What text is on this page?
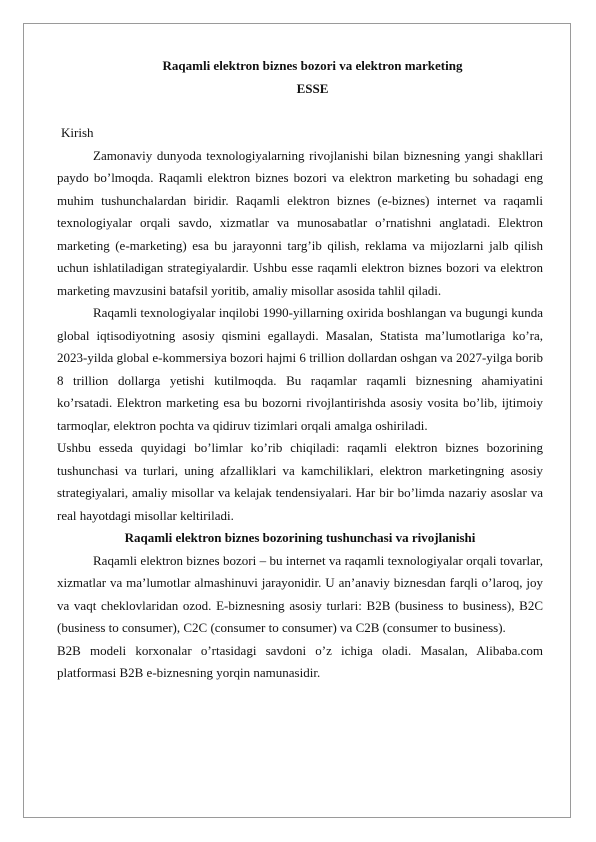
Raqamli elektron biznes bozori va elektron marketing

ESSE

Kirish

Zamonaviy dunyoda texnologiyalarning rivojlanishi bilan biznesning yangi shakllari paydo bo’lmoqda. Raqamli elektron biznes bozori va elektron marketing bu sohadagi eng muhim tushunchalardan biridir. Raqamli elektron biznes (e-biznes) internet va raqamli texnologiyalar orqali savdo, xizmatlar va munosabatlar o’rnatishni anglatadi. Elektron marketing (e-marketing) esa bu jarayonni targ’ib qilish, reklama va mijozlarni jalb qilish uchun ishlatiladigan strategiyalardir. Ushbu esse raqamli elektron biznes bozori va elektron marketing mavzusini batafsil yoritib, amaliy misollar asosida tahlil qiladi.

Raqamli texnologiyalar inqilobi 1990-yillarning oxirida boshlangan va bugungi kunda global iqtisodiyotning asosiy qismini egallaydi. Masalan, Statista ma’lumotlariga ko’ra, 2023-yilda global e-kommersiya bozori hajmi 6 trillion dollardan oshgan va 2027-yilga borib 8 trillion dollarga yetishi kutilmoqda. Bu raqamlar raqamli biznesning ahamiyatini ko’rsatadi. Elektron marketing esa bu bozorni rivojlantirishda asosiy vosita bo’lib, ijtimoiy tarmoqlar, elektron pochta va qidiruv tizimlari orqali amalga oshiriladi.

Ushbu esseda quyidagi bo’limlar ko’rib chiqiladi: raqamli elektron biznes bozorining tushunchasi va turlari, uning afzalliklari va kamchiliklari, elektron marketingning asosiy strategiyalari, amaliy misollar va kelajak tendensiyalari. Har bir bo’limda nazariy asoslar va real hayotdagi misollar keltiriladi.

Raqamli elektron biznes bozorining tushunchasi va rivojlanishi

Raqamli elektron biznes bozori – bu internet va raqamli texnologiyalar orqali tovarlar, xizmatlar va ma’lumotlar almashinuvi jarayonidir. U an’anaviy biznesdan farqli o’laroq, joy va vaqt cheklovlaridan ozod. E-biznesning asosiy turlari: B2B (business to business), B2C (business to consumer), C2C (consumer to consumer) va C2B (consumer to business).

B2B modeli korxonalar o’rtasidagi savdoni o’z ichiga oladi. Masalan, Alibaba.com platformasi B2B e-biznesning yorqin namunasidir.
